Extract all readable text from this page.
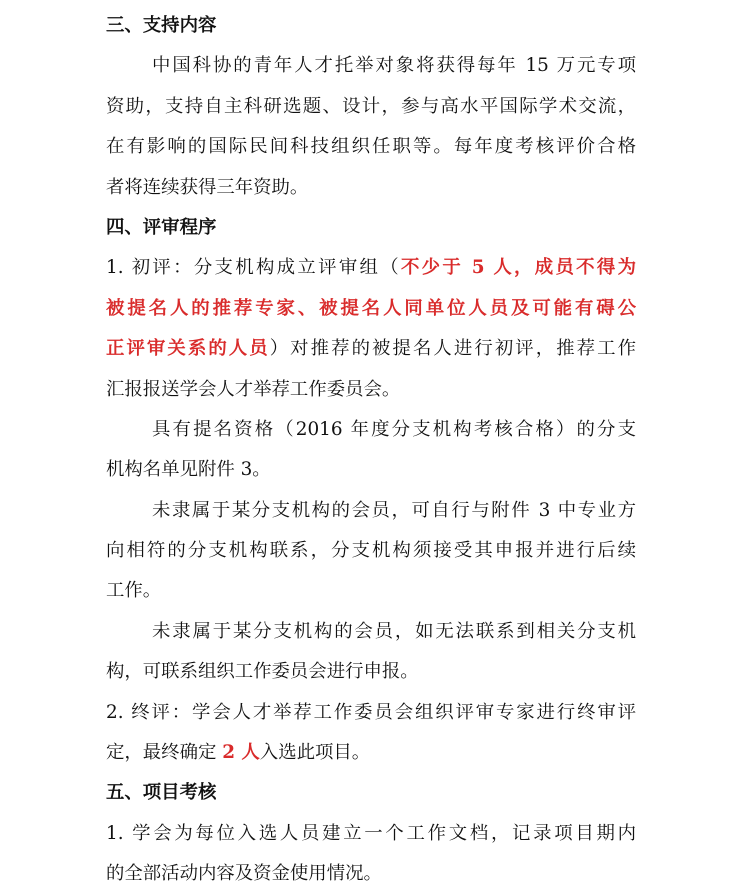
三、支持内容
中国科协的青年人才托举对象将获得每年 15 万元专项
资助，支持自主科研选题、设计，参与高水平国际学术交流，
在有影响的国际民间科技组织任职等。每年度考核评价合格
者将连续获得三年资助。
四、评审程序
1. 初评：分支机构成立评审组（不少于 5 人，成员不得为
被提名人的推荐专家、被提名人同单位人员及可能有碍公
正评审关系的人员）对推荐的被提名人进行初评，推荐工作
汇报报送学会人才举荐工作委员会。
具有提名资格（2016 年度分支机构考核合格）的分支
机构名单见附件 3。
未隶属于某分支机构的会员，可自行与附件 3 中专业方
向相符的分支机构联系，分支机构须接受其申报并进行后续
工作。
未隶属于某分支机构的会员，如无法联系到相关分支机
构，可联系组织工作委员会进行申报。
2. 终评：学会人才举荐工作委员会组织评审专家进行终审评
定，最终确定 2 人入选此项目。
五、项目考核
1. 学会为每位入选人员建立一个工作文档，记录项目期内
的全部活动内容及资金使用情况。
